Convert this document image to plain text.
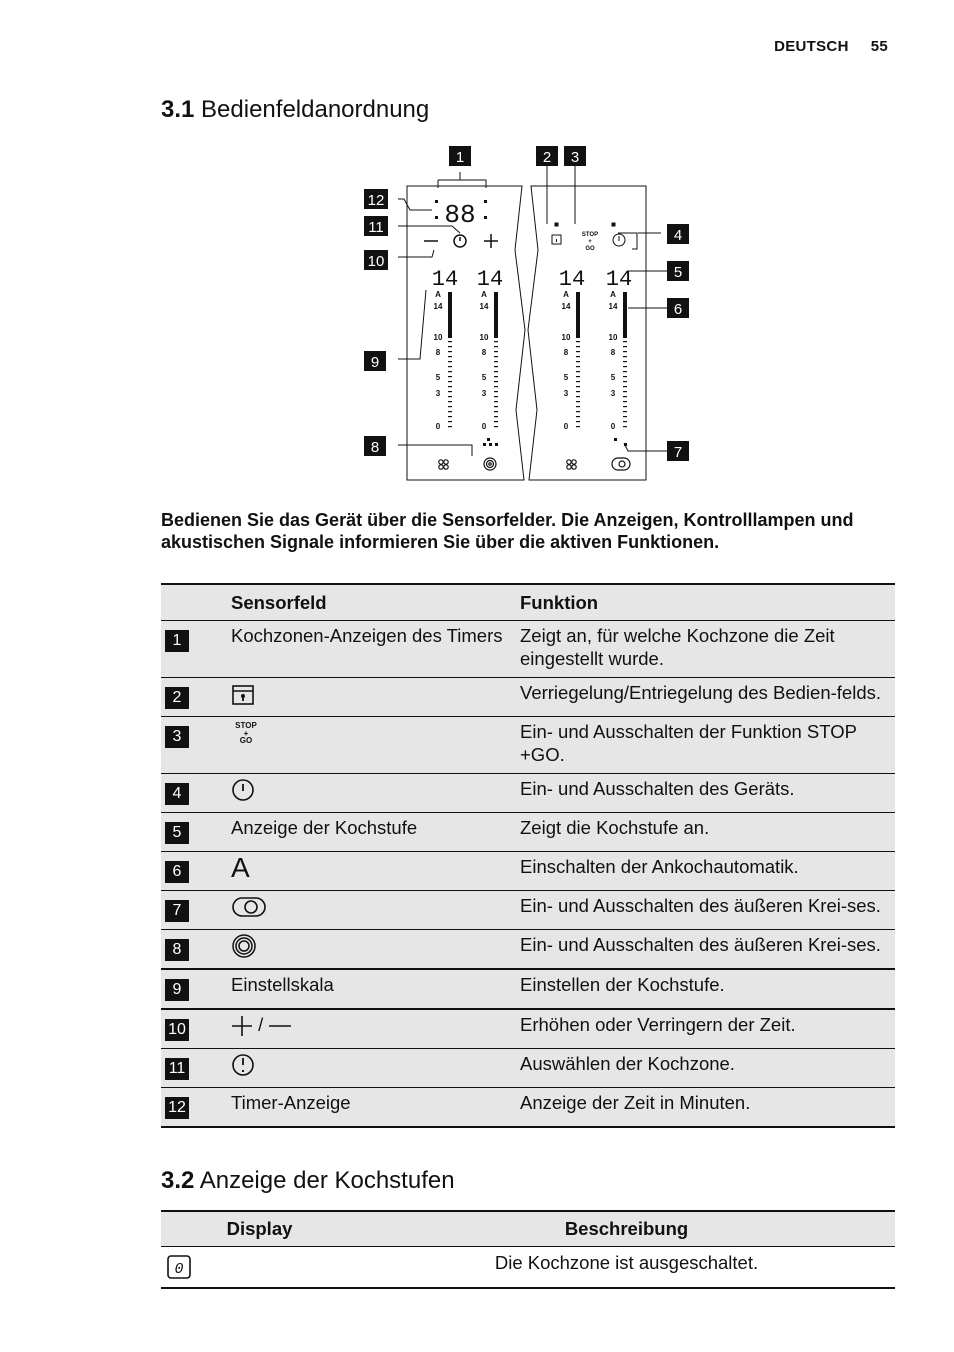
DEUTSCH 55
3.1 Bedienfeldanordnung
1	2 3
4
5
6
7
8
9
10
11
12 88
14 14	14 14
STOP
+
GO
A
14
10
8
5
3
0
A
14
10
8
5
3
0
A
14
10
8
5
3
0
A
14
10
8
5
3
0
Bedienen Sie das Gerät über die Sensorfelder. Die Anzeigen, Kontrolllampen und akustischen Signale informieren Sie über die aktiven Funktionen.
	Sensorfeld	Funktion
1	Kochzonen-Anzeigen des Timers	Zeigt an, für welche Kochzone die Zeit eingestellt wurde.
2		Verriegelung/Entriegelung des Bedien-felds.
3	STOP
+
GO	Ein- und Ausschalten der Funktion STOP +GO.
4		Ein- und Ausschalten des Geräts.
5	Anzeige der Kochstufe	Zeigt die Kochstufe an.
6	A	Einschalten der Ankochautomatik.
7		Ein- und Ausschalten des äußeren Krei-ses.
8		Ein- und Ausschalten des äußeren Krei-ses.
9	Einstellskala	Einstellen der Kochstufe.
10	/	Erhöhen oder Verringern der Zeit.
11		Auswählen der Kochzone.
12	Timer-Anzeige	Anzeige der Zeit in Minuten.
3.2 Anzeige der Kochstufen
Display	Beschreibung

0	Die Kochzone ist ausgeschaltet.
